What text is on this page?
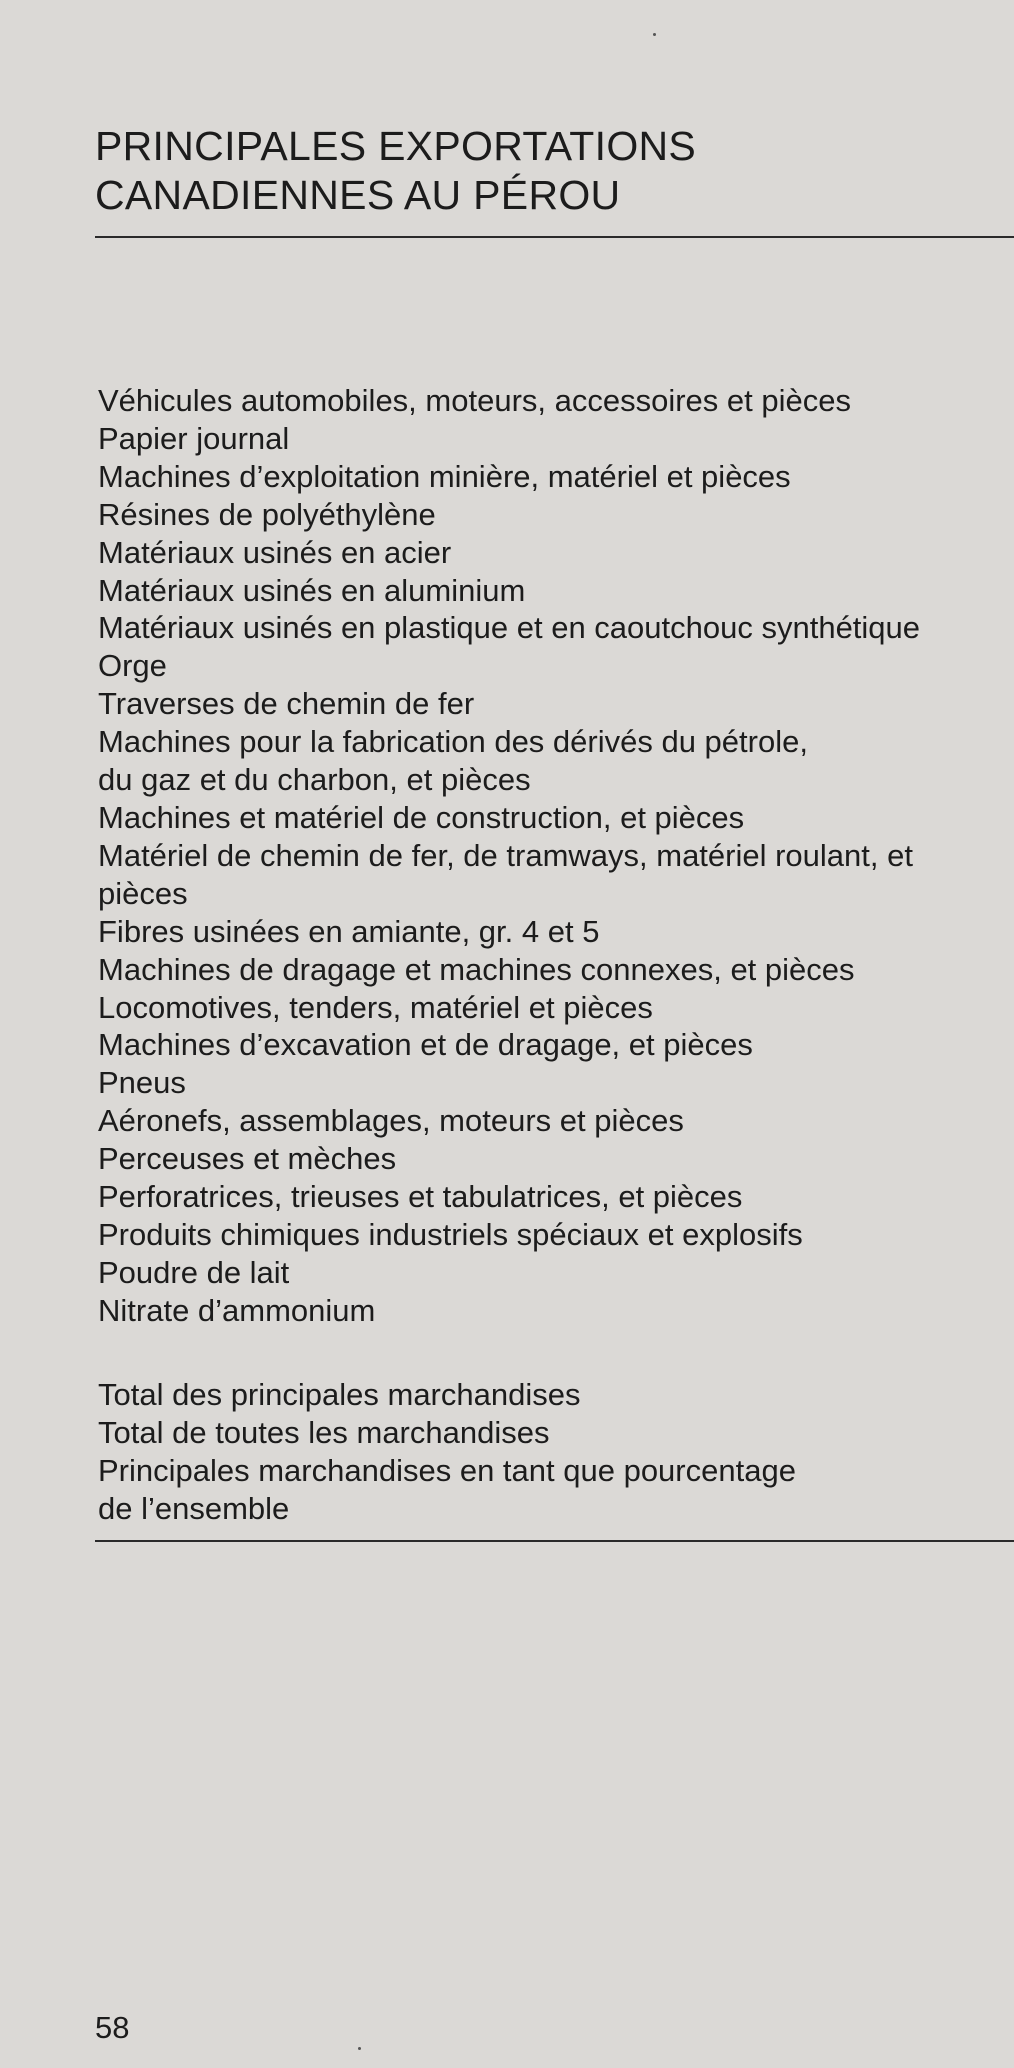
PRINCIPALES EXPORTATIONS
CANADIENNES AU PÉROU
Véhicules automobiles, moteurs, accessoires et pièces
Papier journal
Machines d’exploitation minière, matériel et pièces
Résines de polyéthylène
Matériaux usinés en acier
Matériaux usinés en aluminium
Matériaux usinés en plastique et en caoutchouc synthétique
Orge
Traverses de chemin de fer
Machines pour la fabrication des dérivés du pétrole,
du gaz et du charbon, et pièces
Machines et matériel de construction, et pièces
Matériel de chemin de fer, de tramways, matériel roulant, et
pièces
Fibres usinées en amiante, gr. 4 et 5
Machines de dragage et machines connexes, et pièces
Locomotives, tenders, matériel et pièces
Machines d’excavation et de dragage, et pièces
Pneus
Aéronefs, assemblages, moteurs et pièces
Perceuses et mèches
Perforatrices, trieuses et tabulatrices, et pièces
Produits chimiques industriels spéciaux et explosifs
Poudre de lait
Nitrate d’ammonium
Total des principales marchandises
Total de toutes les marchandises
Principales marchandises en tant que pourcentage
de l’ensemble
58
